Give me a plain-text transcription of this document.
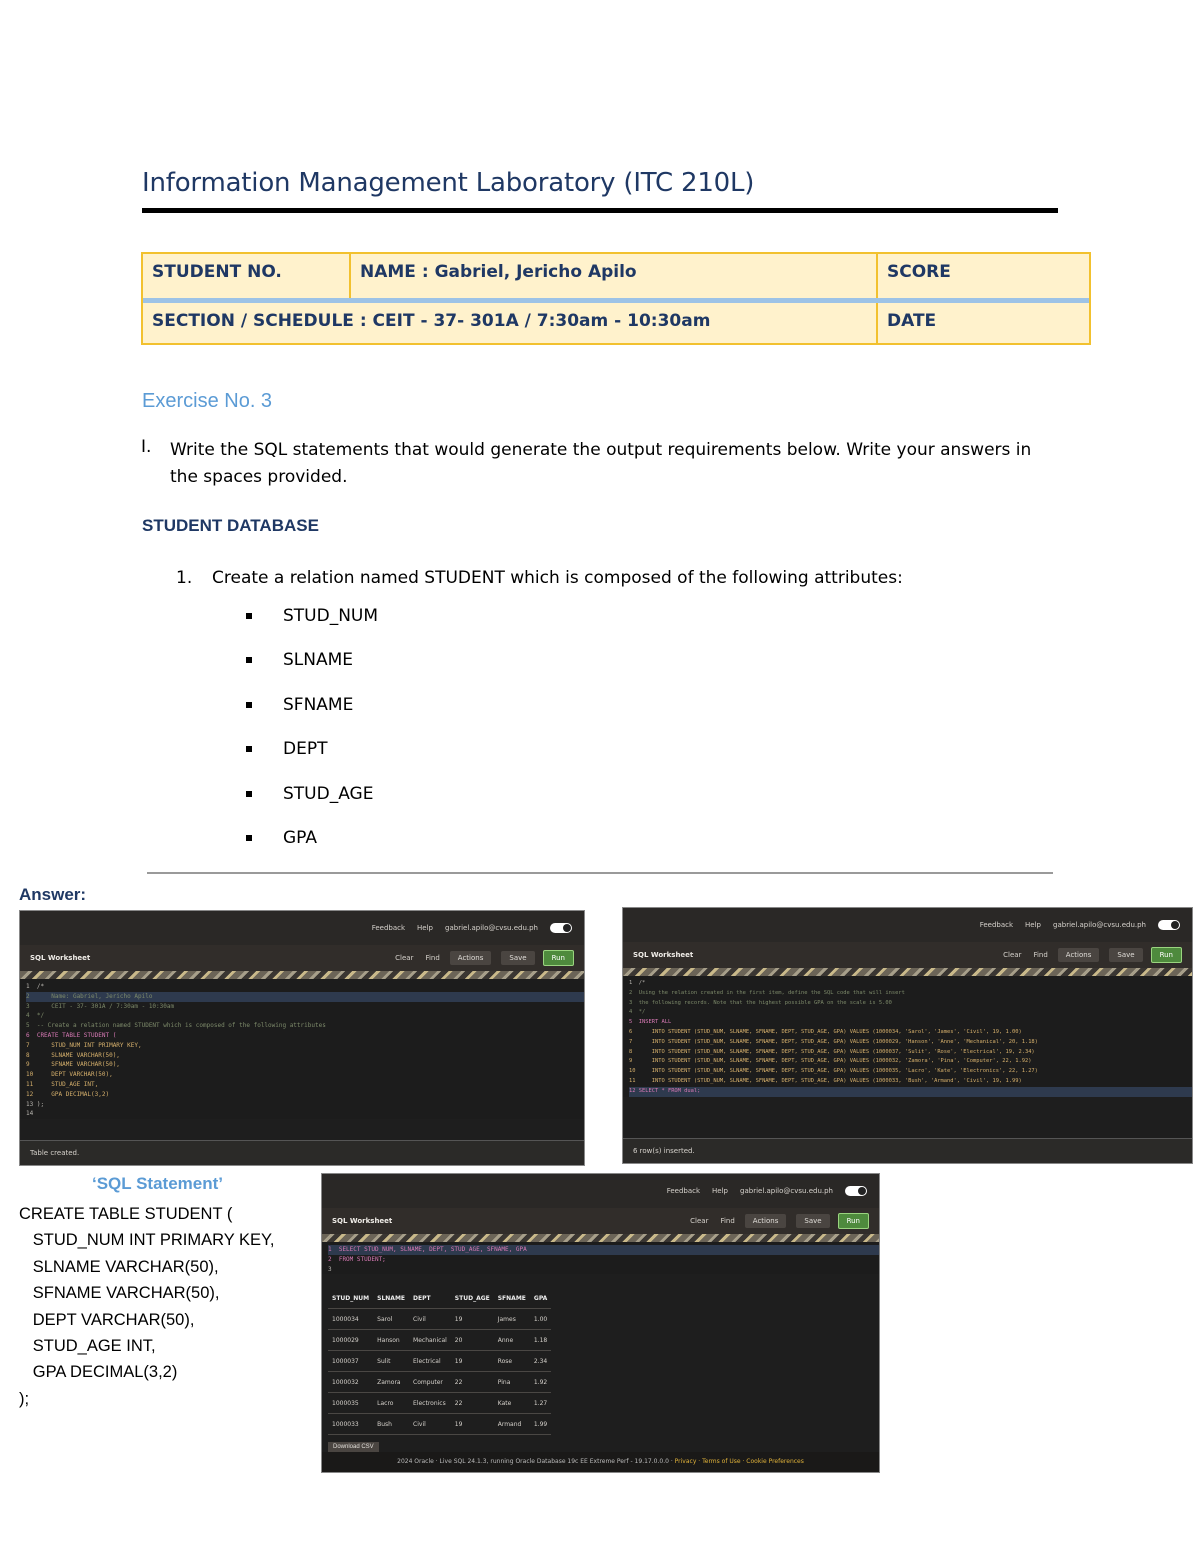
Information Management Laboratory (ITC 210L)
STUDENT NO.	NAME : Gabriel, Jericho Apilo	SCORE
SECTION / SCHEDULE : CEIT - 37- 301A / 7:30am - 10:30am	DATE
Exercise No. 3
I. Write the SQL statements that would generate the output requirements below. Write your answers in the spaces provided.
STUDENT DATABASE
1. Create a relation named STUDENT which is composed of the following attributes:
STUD_NUM
SLNAME
SFNAME
DEPT
STUD_AGE
GPA
Answer:
Feedback Help gabriel.apilo@cvsu.edu.ph
SQL Worksheet	Clear Find	Actions	Save	Run
1  /*

2      Name: Gabriel, Jericho Apilo
3      CEIT - 37- 301A / 7:30am - 10:30am
4  */
5  -- Create a relation named STUDENT which is composed of the following attributes
6  CREATE TABLE STUDENT (
7      STUD_NUM INT PRIMARY KEY,
8      SLNAME VARCHAR(50),
9      SFNAME VARCHAR(50),
10     DEPT VARCHAR(50),
11     STUD_AGE INT,
12     GPA DECIMAL(3,2)
13 );
14
Table created.
Feedback Help gabriel.apilo@cvsu.edu.ph
SQL Worksheet	Clear Find	Actions	Save	Run
1  /*
2  Using the relation created in the first item, define the SQL code that will insert
3  the following records. Note that the highest possible GPA on the scale is 5.00
4  */
5  INSERT ALL
6      INTO STUDENT (STUD_NUM, SLNAME, SFNAME, DEPT, STUD_AGE, GPA) VALUES (1000034, 'Sarol', 'James', 'Civil', 19, 1.00)
7      INTO STUDENT (STUD_NUM, SLNAME, SFNAME, DEPT, STUD_AGE, GPA) VALUES (1000029, 'Hanson', 'Anne', 'Mechanical', 20, 1.18)
8      INTO STUDENT (STUD_NUM, SLNAME, SFNAME, DEPT, STUD_AGE, GPA) VALUES (1000037, 'Sulit', 'Rose', 'Electrical', 19, 2.34)
9      INTO STUDENT (STUD_NUM, SLNAME, SFNAME, DEPT, STUD_AGE, GPA) VALUES (1000032, 'Zamora', 'Pina', 'Computer', 22, 1.92)
10     INTO STUDENT (STUD_NUM, SLNAME, SFNAME, DEPT, STUD_AGE, GPA) VALUES (1000035, 'Lacro', 'Kate', 'Electronics', 22, 1.27)
11     INTO STUDENT (STUD_NUM, SLNAME, SFNAME, DEPT, STUD_AGE, GPA) VALUES (1000033, 'Bush', 'Armand', 'Civil', 19, 1.99)

12 SELECT * FROM dual;
6 row(s) inserted.
‘SQL Statement’
CREATE TABLE STUDENT (
STUD_NUM INT PRIMARY KEY,
SLNAME VARCHAR(50),
SFNAME VARCHAR(50),
DEPT VARCHAR(50),
STUD_AGE INT,
GPA DECIMAL(3,2)
);
Feedback Help gabriel.apilo@cvsu.edu.ph
SQL Worksheet	Clear Find	Actions	Save	Run
1  SELECT STUD_NUM, SLNAME, DEPT, STUD_AGE, SFNAME, GPA
2  FROM STUDENT;
3
2024 Oracle · Live SQL 24.1.3, running Oracle Database 19c EE Extreme Perf - 19.17.0.0.0 · Privacy · Terms of Use · Cookie Preferences
STUD_NUM	SLNAME	DEPT	STUD_AGE	SFNAME	GPA
1000034	Sarol	Civil	19	James	1.00
1000029	Hanson	Mechanical	20	Anne	1.18
1000037	Sulit	Electrical	19	Rose	2.34
1000032	Zamora	Computer	22	Pina	1.92
1000035	Lacro	Electronics	22	Kate	1.27
1000033	Bush	Civil	19	Armand	1.99
Download CSV
